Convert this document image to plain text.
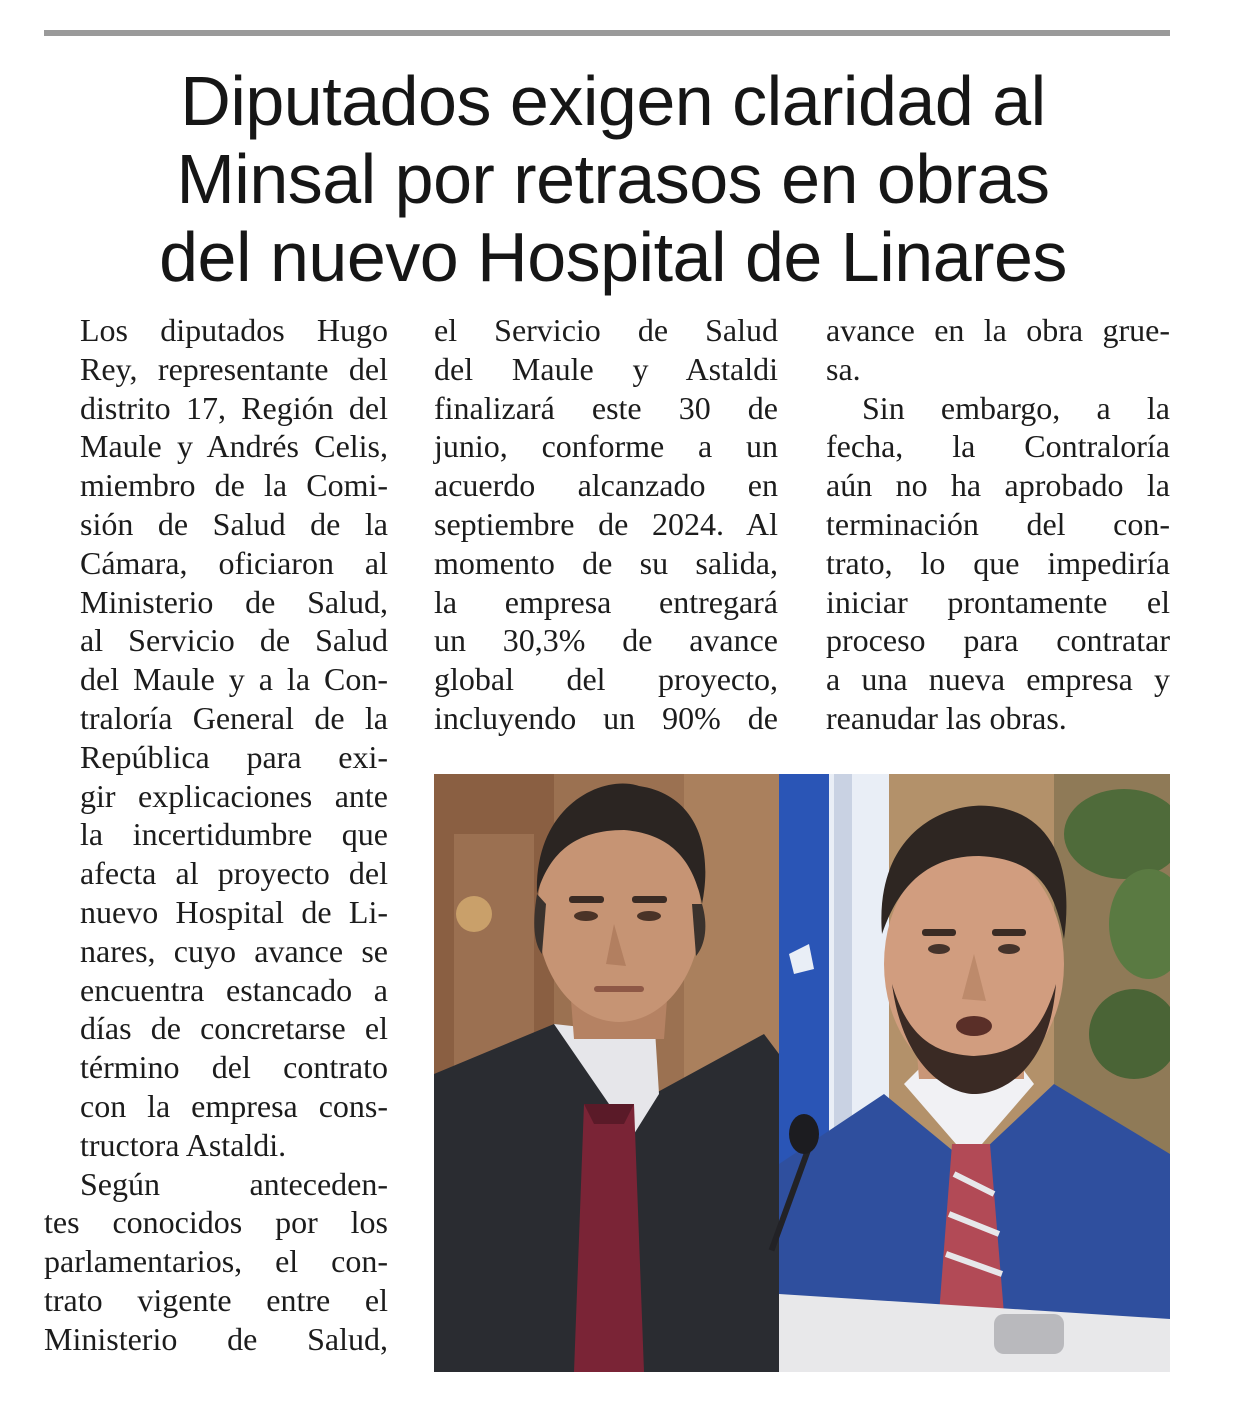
Diputados exigen claridad al
Minsal por retrasos en obras
del nuevo Hospital de Linares

Los diputados Hugo
Rey, representante del
distrito 17, Región del
Maule y Andrés Celis,
miembro de la Comi-
sión de Salud de la
Cámara, oficiaron al
Ministerio de Salud,
al Servicio de Salud
del Maule y a la Con-
traloría General de la
República para exi-
gir explicaciones ante
la incertidumbre que
afecta al proyecto del
nuevo Hospital de Li-
nares, cuyo avance se
encuentra estancado a
días de concretarse el
término del contrato
con la empresa cons-
tructora Astaldi.

Según anteceden-
tes conocidos por los
parlamentarios, el con-
trato vigente entre el
Ministerio de Salud,

el Servicio de Salud
del Maule y Astaldi
finalizará este 30 de
junio, conforme a un
acuerdo alcanzado en
septiembre de 2024. Al
momento de su salida,
la empresa entregará
un 30,3% de avance
global del proyecto,
incluyendo un 90% de

avance en la obra grue-
sa.

Sin embargo, a la
fecha, la Contraloría
aún no ha aprobado la
terminación del con-
trato, lo que impediría
iniciar prontamente el
proceso para contratar
a una nueva empresa y
reanudar las obras.
